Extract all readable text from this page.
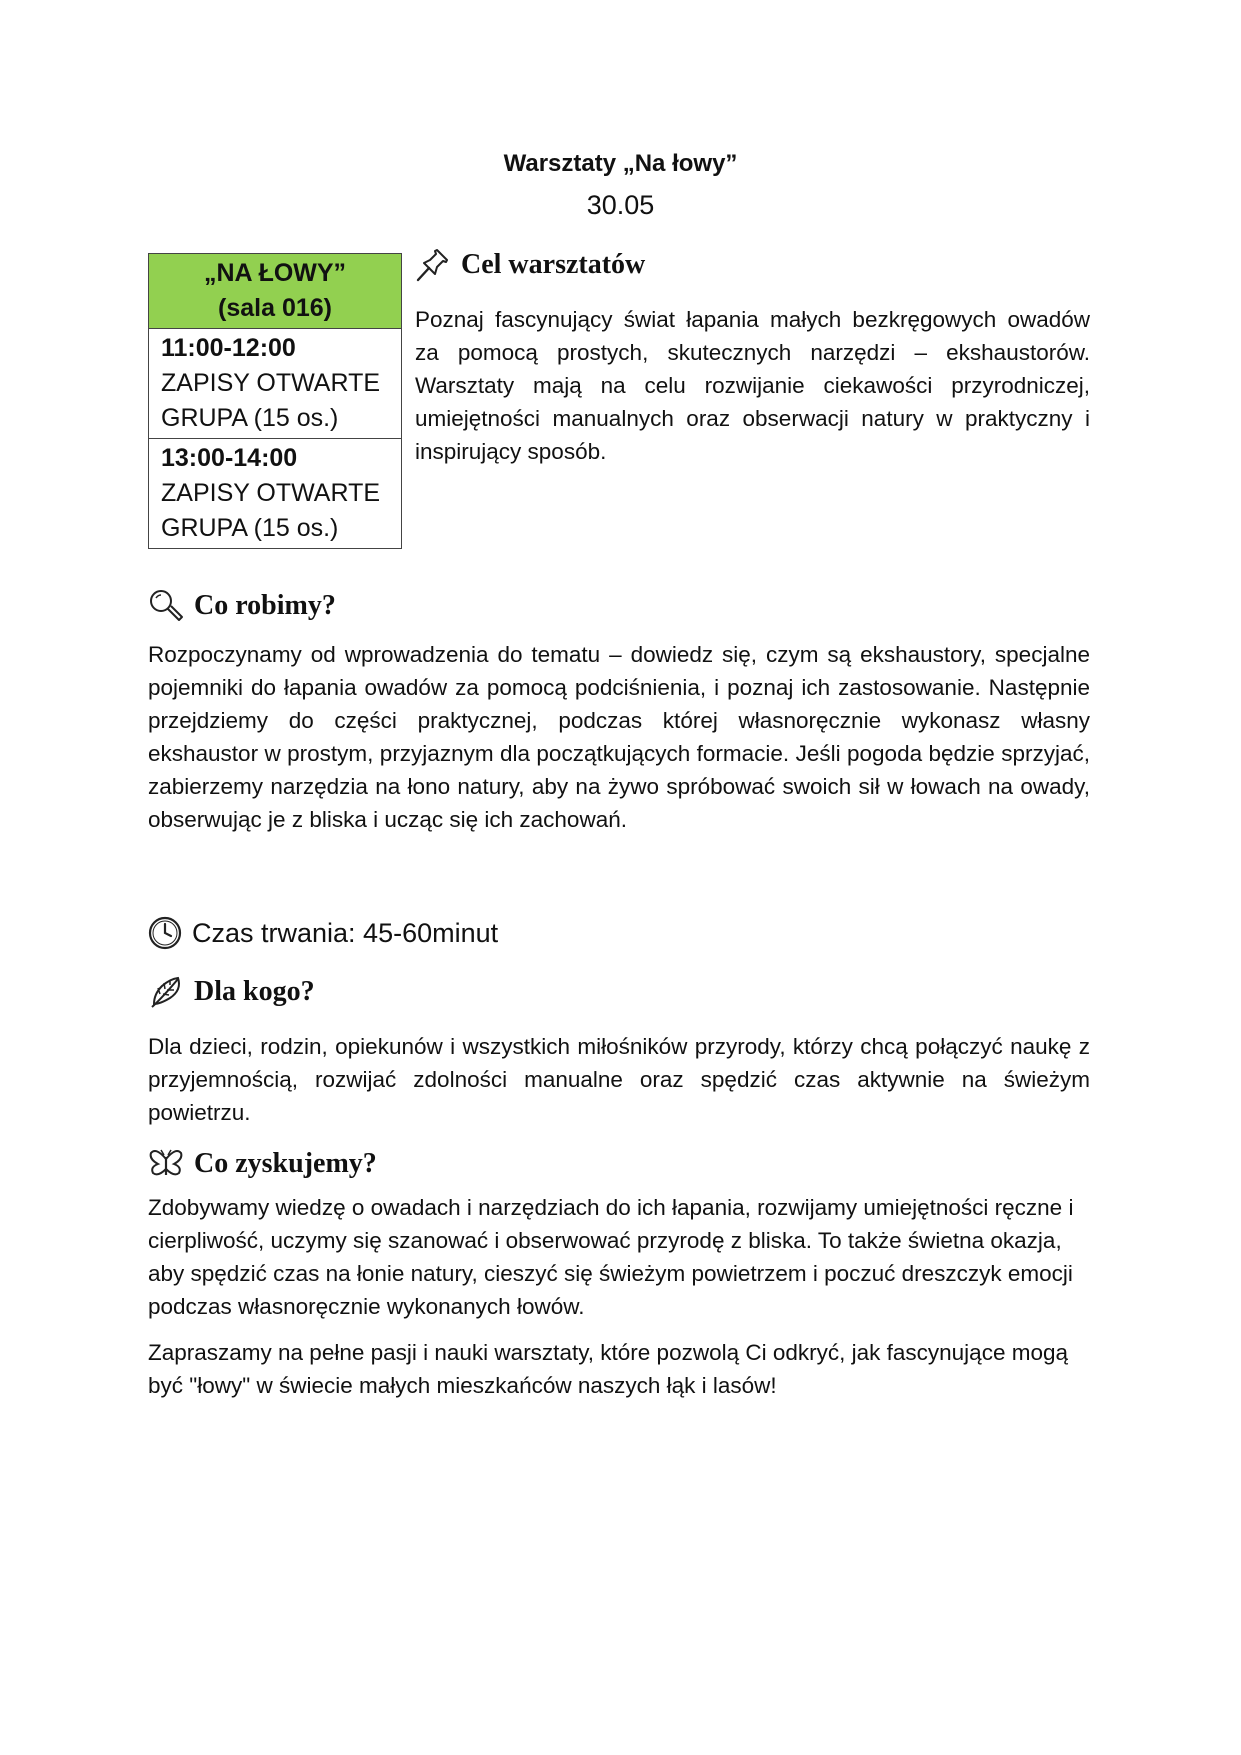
Warsztaty „Na łowy”
30.05
„NA ŁOWY”
(sala 016)

11:00-12:00
ZAPISY OTWARTE
GRUPA (15 os.)

13:00-14:00
ZAPISY OTWARTE
GRUPA (15 os.)
Cel warsztatów
Poznaj fascynujący świat łapania małych bezkręgowych owadów za pomocą prostych, skutecznych narzędzi – ekshaustorów. Warsztaty mają na celu rozwijanie ciekawości przyrodniczej, umiejętności manualnych oraz obserwacji natury w praktyczny i inspirujący sposób.
Co robimy?
Rozpoczynamy od wprowadzenia do tematu – dowiedz się, czym są ekshaustory, specjalne pojemniki do łapania owadów za pomocą podciśnienia, i poznaj ich zastosowanie. Następnie przejdziemy do części praktycznej, podczas której własnoręcznie wykonasz własny ekshaustor w prostym, przyjaznym dla początkujących formacie. Jeśli pogoda będzie sprzyjać, zabierzemy narzędzia na łono natury, aby na żywo spróbować swoich sił w łowach na owady, obserwując je z bliska i ucząc się ich zachowań.
Czas trwania: 45-60minut
Dla kogo?
Dla dzieci, rodzin, opiekunów i wszystkich miłośników przyrody, którzy chcą połączyć naukę z przyjemnością, rozwijać zdolności manualne oraz spędzić czas aktywnie na świeżym powietrzu.
Co zyskujemy?
Zdobywamy wiedzę o owadach i narzędziach do ich łapania, rozwijamy umiejętności ręczne i cierpliwość, uczymy się szanować i obserwować przyrodę z bliska. To także świetna okazja, aby spędzić czas na łonie natury, cieszyć się świeżym powietrzem i poczuć dreszczyk emocji podczas własnoręcznie wykonanych łowów.
Zapraszamy na pełne pasji i nauki warsztaty, które pozwolą Ci odkryć, jak fascynujące mogą być "łowy" w świecie małych mieszkańców naszych łąk i lasów!
